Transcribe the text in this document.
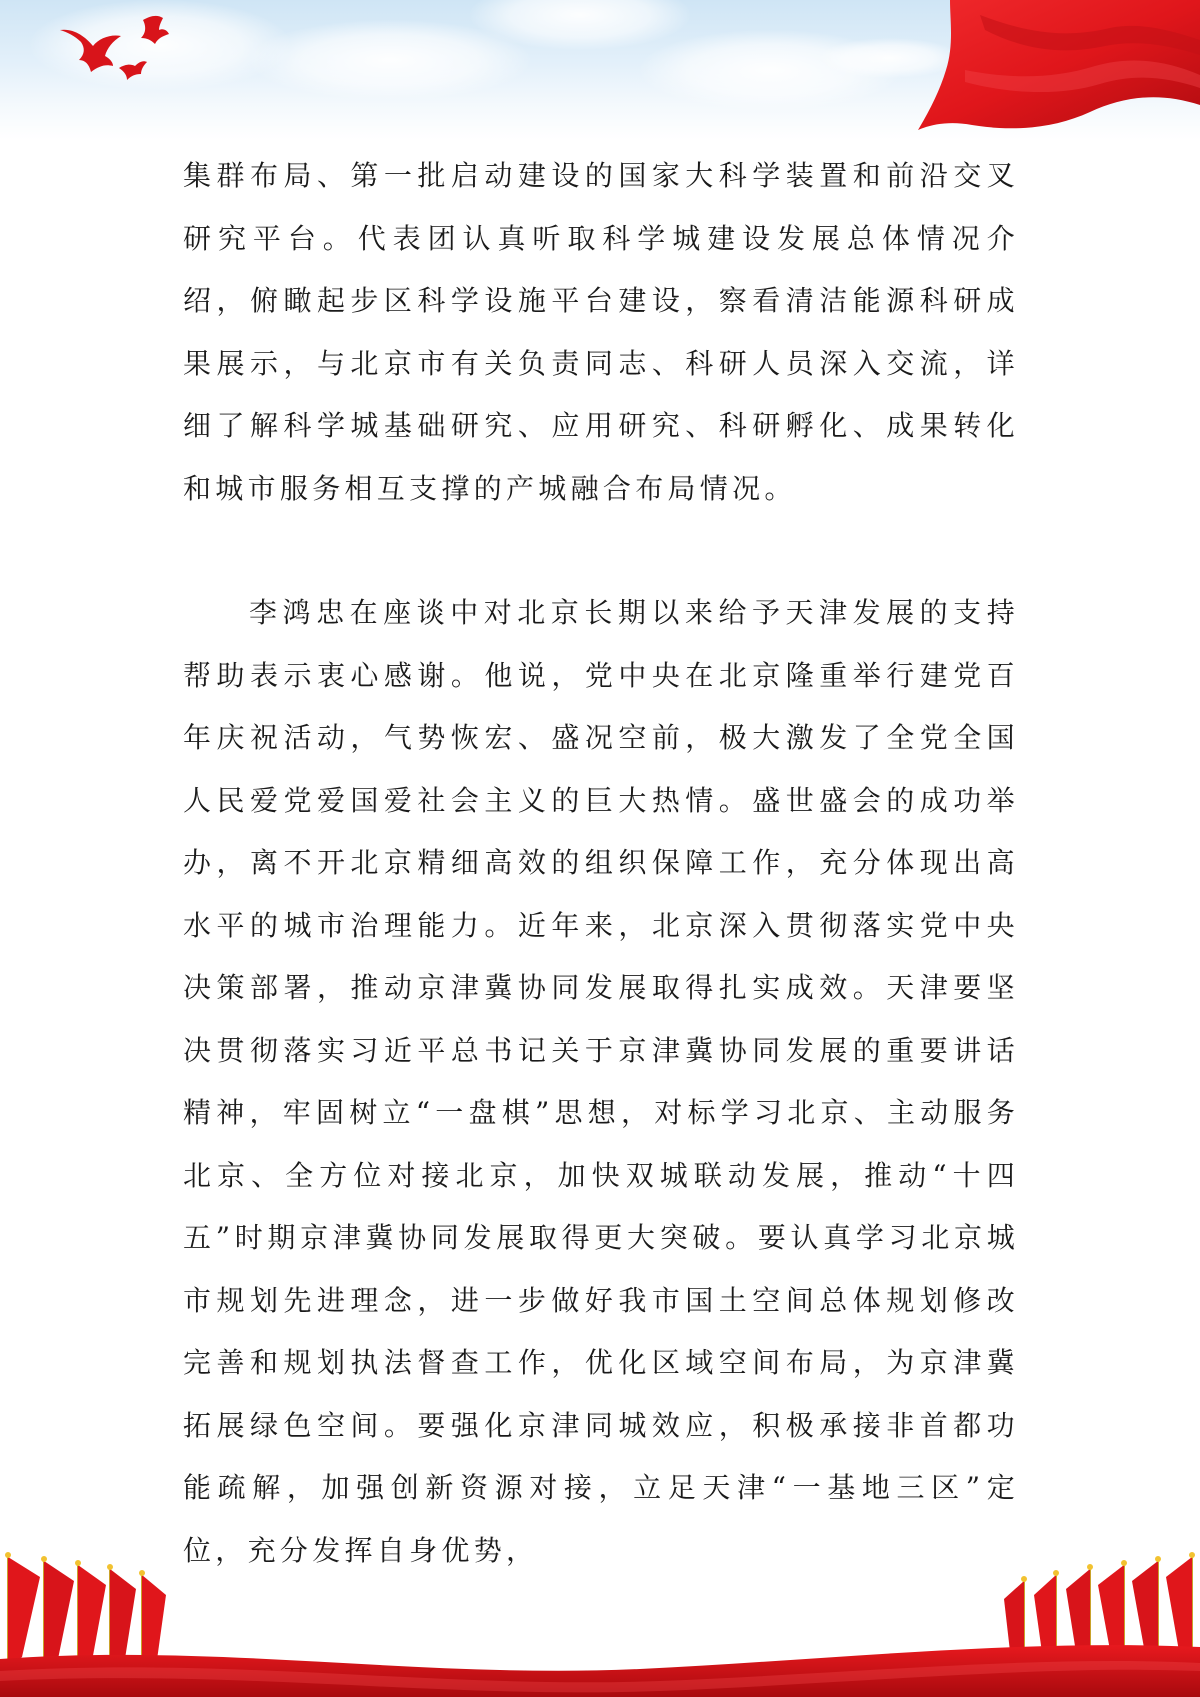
集群布局、第一批启动建设的国家大科学装置和前沿交叉研究平台。代表团认真听取科学城建设发展总体情况介绍，俯瞰起步区科学设施平台建设，察看清洁能源科研成果展示，与北京市有关负责同志、科研人员深入交流，详细了解科学城基础研究、应用研究、科研孵化、成果转化和城市服务相互支撑的产城融合布局情况。

李鸿忠在座谈中对北京长期以来给予天津发展的支持帮助表示衷心感谢。他说，党中央在北京隆重举行建党百年庆祝活动，气势恢宏、盛况空前，极大激发了全党全国人民爱党爱国爱社会主义的巨大热情。盛世盛会的成功举办，离不开北京精细高效的组织保障工作，充分体现出高水平的城市治理能力。近年来，北京深入贯彻落实党中央决策部署，推动京津冀协同发展取得扎实成效。天津要坚决贯彻落实习近平总书记关于京津冀协同发展的重要讲话精神，牢固树立“一盘棋”思想，对标学习北京、主动服务北京、全方位对接北京，加快双城联动发展，推动“十四五”时期京津冀协同发展取得更大突破。要认真学习北京城市规划先进理念，进一步做好我市国土空间总体规划修改完善和规划执法督查工作，优化区域空间布局，为京津冀拓展绿色空间。要强化京津同城效应，积极承接非首都功能疏解，加强创新资源对接，立足天津“一基地三区”定位，充分发挥自身优势，
